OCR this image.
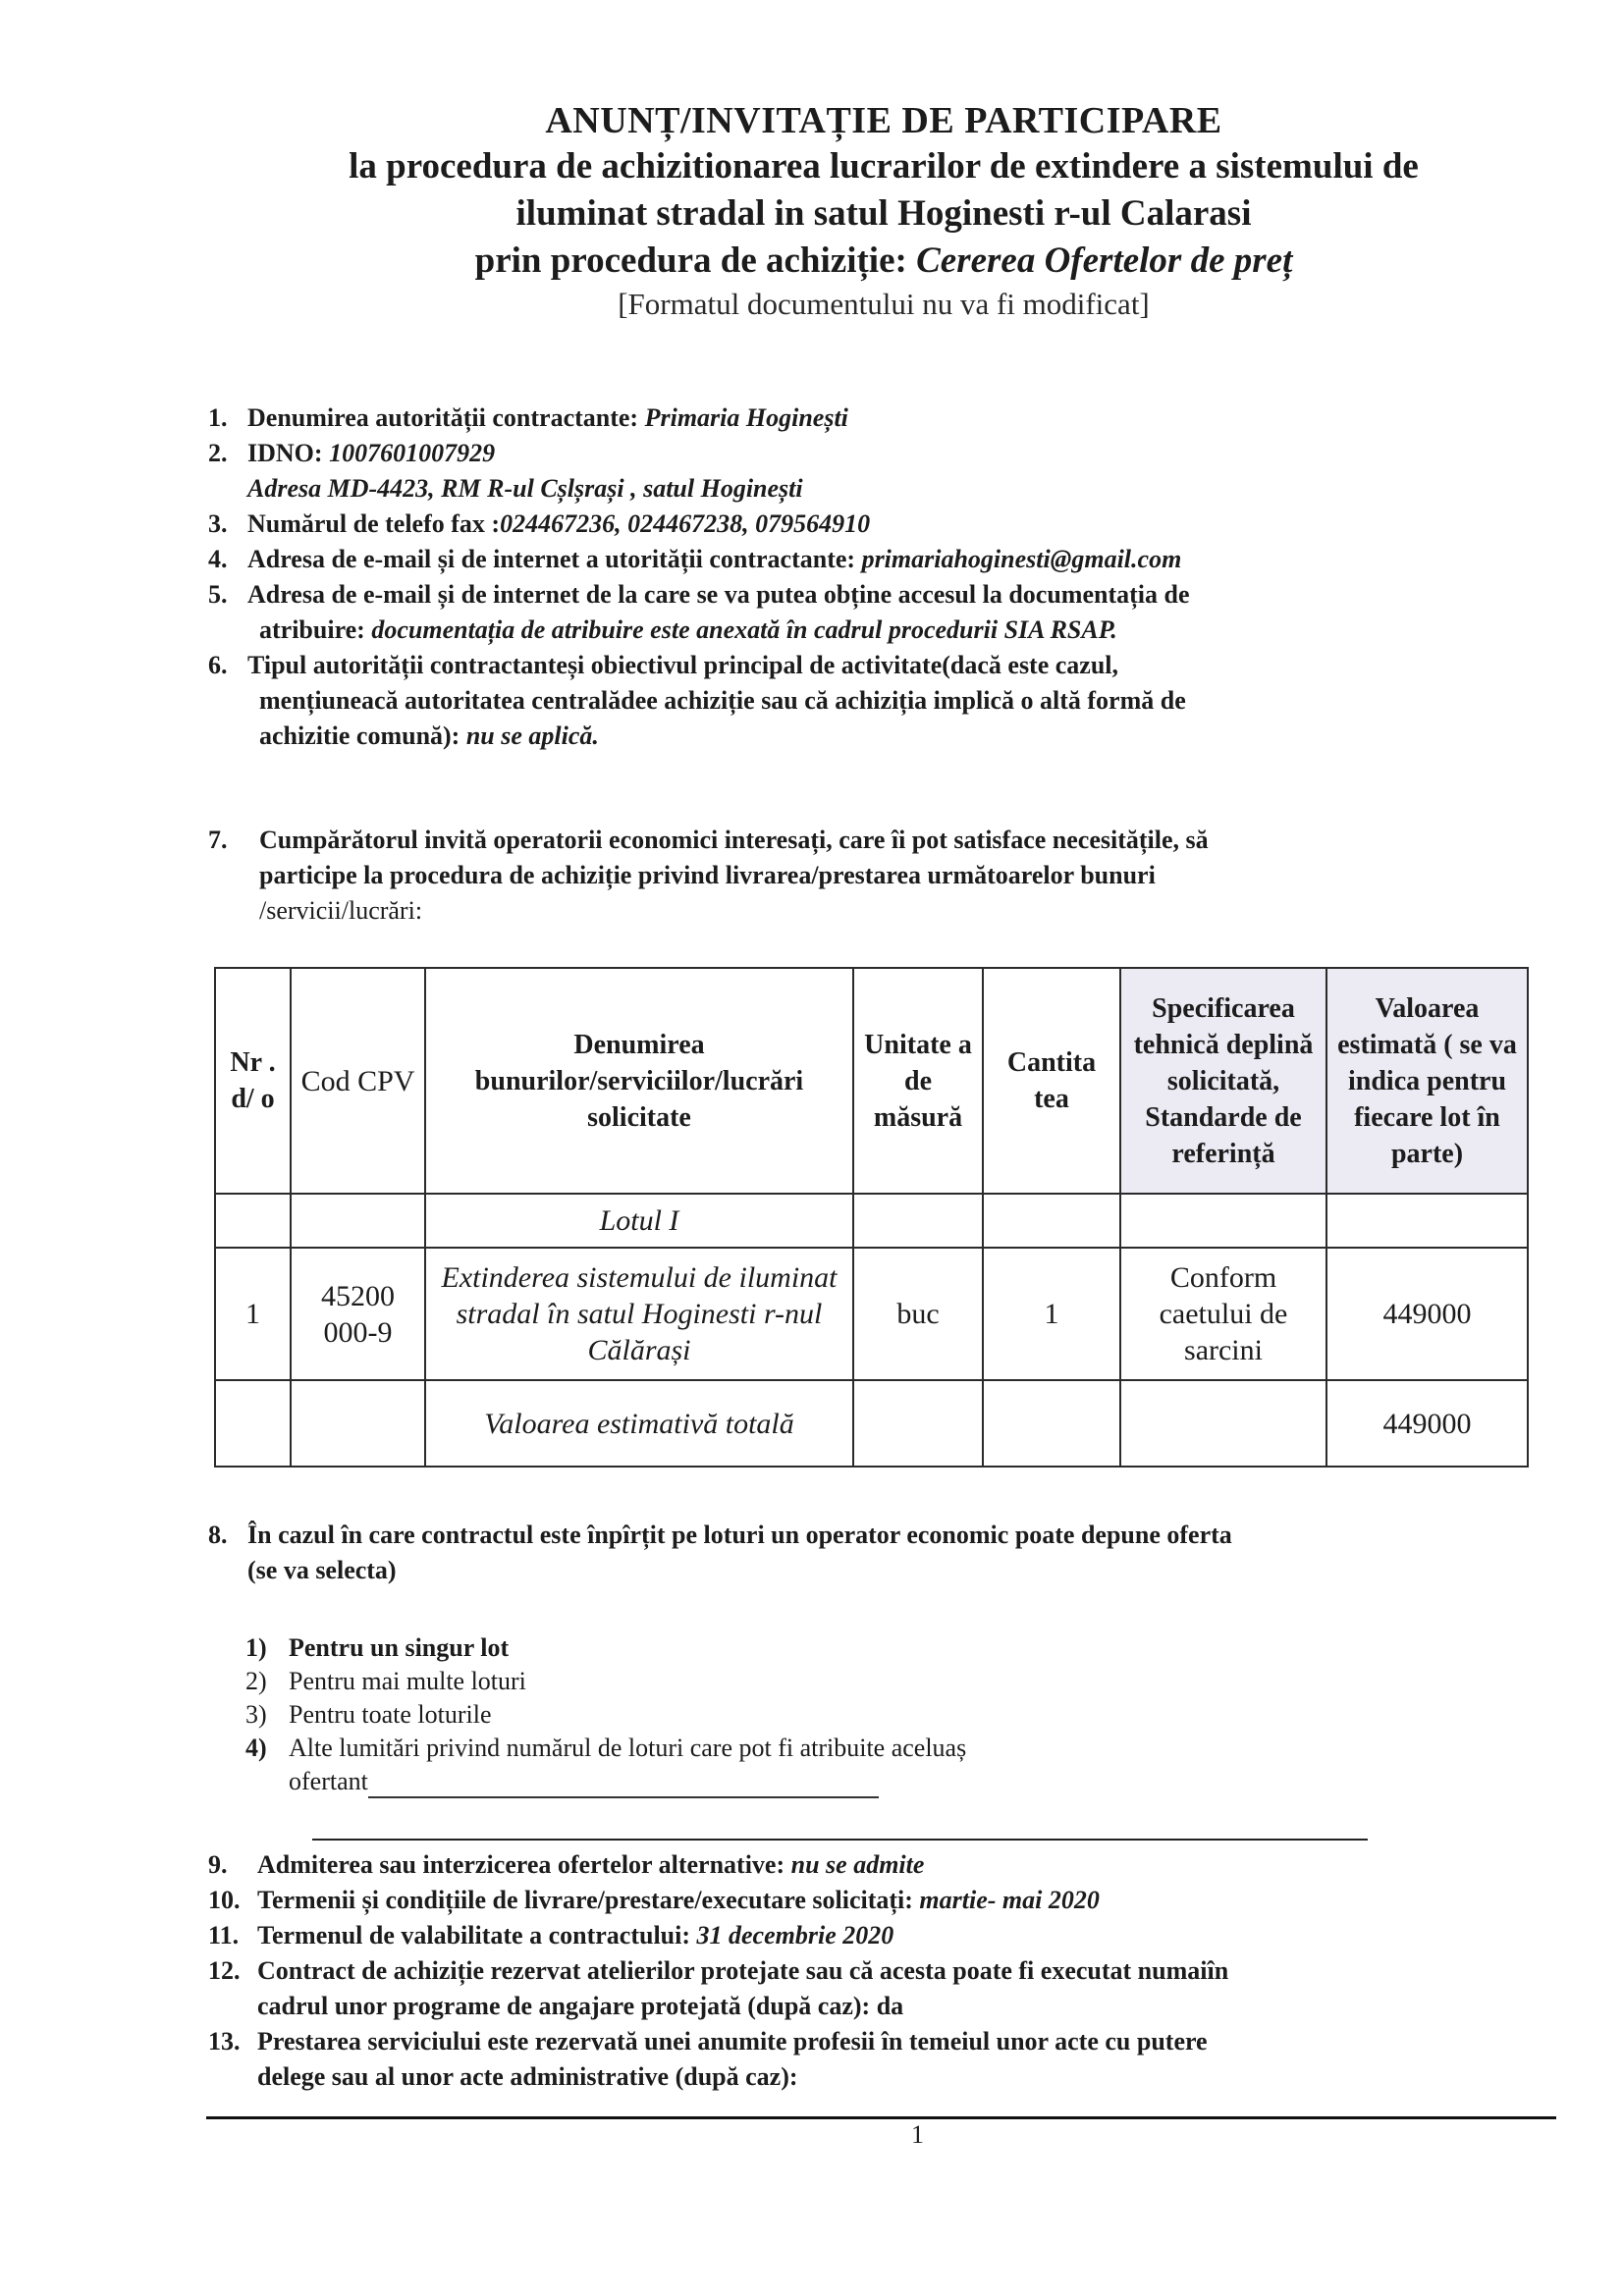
ANUNȚ/INVITAȚIE DE PARTICIPARE
la procedura de achizitionarea lucrarilor de extindere a sistemului de
iluminat stradal in satul Hoginesti r-ul Calarasi
prin procedura de achiziție: Cererea Ofertelor de preț
[Formatul documentului nu va fi modificat]
1. Denumirea autorității contractante: Primaria Hoginești
2. IDNO: 1007601007929
Adresa MD-4423, RM R-ul Cșlșrași , satul Hoginești
3. Numărul de telefo fax :024467236, 024467238, 079564910
4. Adresa de e-mail și de internet a utorității contractante: primariahoginesti@gmail.com
5. Adresa de e-mail și de internet de la care se va putea obține accesul la documentația de
atribuire: documentația de atribuire este anexată în cadrul procedurii SIA RSAP.
6. Tipul autorității contractanteși obiectivul principal de activitate(dacă este cazul,
mențiuneacă autoritatea centralădee achiziție sau că achiziția implică o altă formă de
achizitie comună): nu se aplică.
7.	Cumpărătorul invită operatorii economici interesați, care îi pot satisface necesitățile, să
participe la procedura de achiziție privind livrarea/prestarea următoarelor bunuri
/servicii/lucrări:
Nr . d/ o	Cod CPV	Denumirea bunurilor/serviciilor/lucrări solicitate	Unitate a de măsură	Cantita tea	Specificarea tehnică deplină solicitată, Standarde de referință	Valoarea estimată ( se va indica pentru fiecare lot în parte)
		Lotul I				
1	45200 000-9	Extinderea sistemului de iluminat stradal în satul Hoginesti r-nul Călărași	buc	1	Conform caetului de sarcini	449000
		Valoarea estimativă totală				449000
8. În cazul în care contractul este înpîrțit pe loturi un operator economic poate depune oferta
(se va selecta)
1) Pentru un singur lot
2) Pentru mai multe loturi
3) Pentru toate loturile
4) Alte lumitări privind numărul de loturi care pot fi atribuite aceluaș
ofertant
9.	Admiterea sau interzicerea ofertelor alternative: nu se admite
10. Termenii și condițiile de livrare/prestare/executare solicitați: martie- mai 2020
11. Termenul de valabilitate a contractului: 31 decembrie 2020
12. Contract de achiziție rezervat atelierilor protejate sau că acesta poate fi executat numaiîn
cadrul unor programe de angajare protejată (după caz): da
13. Prestarea serviciului este rezervată unei anumite profesii în temeiul unor acte cu putere
delege sau al unor acte administrative (după caz):
1
